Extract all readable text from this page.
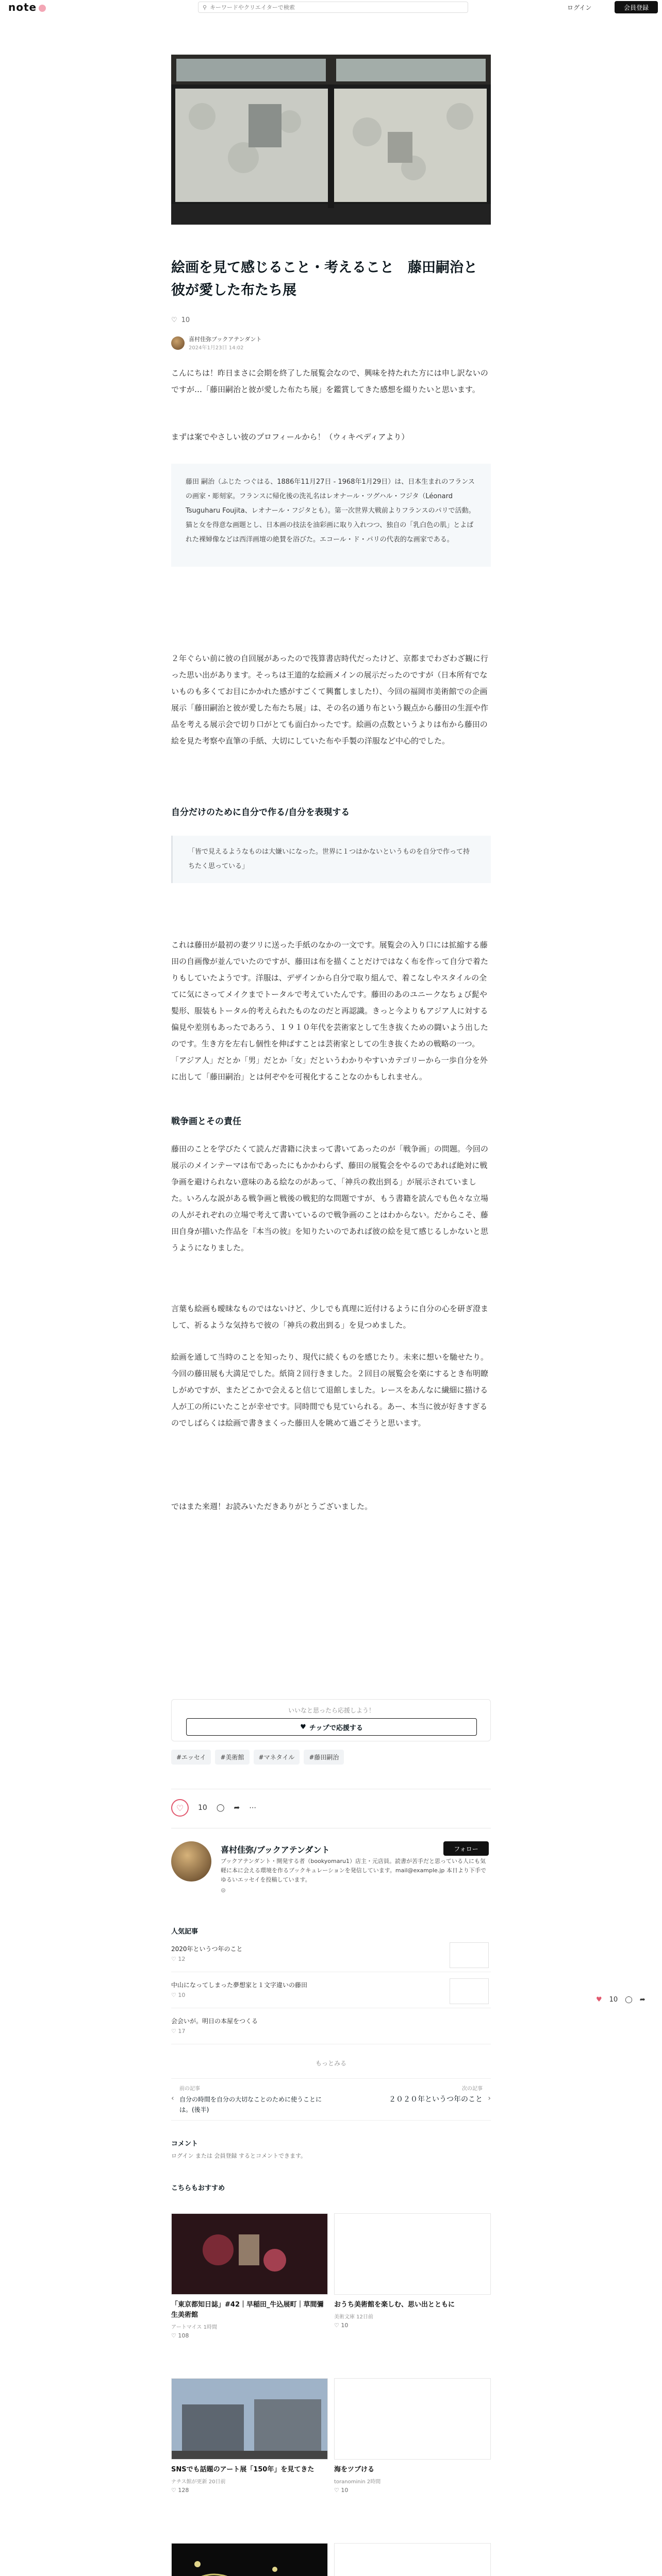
note	⚲
キーワードやクリエイターで検索	ログイン	会員登録
絵画を見て感じること・考えること　藤田嗣治と彼が愛した布たち展
♡ 10
喜村佳弥ブックアテンダント
2024年1月23日 14:02
こんにちは！昨日まさに会期を終了した展覧会なので、興味を持たれた方には申し訳ないのですが…「藤田嗣治と彼が愛した布たち展」を鑑賞してきた感想を綴りたいと思います。
まずは案でやさしい彼のプロフィールから！（ウィキペディアより）
藤田 嗣治（ふじた つぐはる、1886年11月27日 - 1968年1月29日）は、日本生まれのフランスの画家・彫刻家。フランスに帰化後の洗礼名はレオナール・ツグハル・フジタ（Léonard Tsuguharu Foujita、レオナール・フジタとも）。第一次世界大戦前よりフランスのパリで活動。猫と女を得意な画題とし、日本画の技法を油彩画に取り入れつつ、独自の「乳白色の肌」とよばれた裸婦像などは西洋画壇の絶賛を浴びた。エコール・ド・パリの代表的な画家である。
２年ぐらい前に彼の自回展があったので筏算書店時代だったけど、京都までわざわざ観に行った思い出があります。そっちは王道的な絵画メインの展示だったのですが（日本所有でないものも多くてお目にかかれた感がすごくて興奮しました!）、今回の福岡市美術館での企画展示「藤田嗣治と彼が愛した布たち展」は、その名の通り布という観点から藤田の生涯や作品を考える展示会で切り口がとても面白かったです。絵画の点数というよりは布から藤田の絵を見た考察や直筆の手紙、大切にしていた布や手製の洋服など中心的でした。
自分だけのために自分で作る/自分を表現する
「皆で見えるようなものは大嫌いになった。世界に１つはかないというものを自分で作って持ちたく思っている」
これは藤田が最初の妻ツリに送った手紙のなかの一文です。展覧会の入り口には拡縮する藤田の自画像が並んでいたのですが、藤田は布を描くことだけではなく布を作って自分で着たりもしていたようです。洋服は、デザインから自分で取り組んで、着こなしやスタイルの全てに気にさってメイクまでトータルで考えていたんです。藤田のあのユニークなちょび髭や髪形、服装もトータル的考えられたものなのだと再認識。きっと今よりもアジア人に対する偏見や差別もあったであろう、１９１０年代を芸術家として生き抜くための闘いよう出したのです。生き方を左右し個性を伸ばすことは芸術家としての生き抜くための戦略の一つ。「アジア人」だとか「男」だとか「女」だというわかりやすいカテゴリーから一歩自分を外に出して「藤田嗣治」とは何ぞやを可視化することなのかもしれません。
戦争画とその責任
藤田のことを学びたくて読んだ書籍に決まって書いてあったのが「戦争画」の問題。今回の展示のメインテーマは布であったにもかかわらず、藤田の展覧会をやるのであれば絶対に戦争画を避けられない意味のある絵なのがあって、「神兵の救出到る」が展示されていました。いろんな説がある戦争画と戦後の戦犯的な問題ですが、もう書籍を読んでも色々な立場の人がそれぞれの立場で考えて書いているので戦争画のことはわからない。だからこそ、藤田自身が描いた作品を『本当の彼』を知りたいのであれば彼の絵を見て感じるしかないと思うようになりました。
言葉も絵画も曖昧なものではないけど、少しでも真理に近付けるように自分の心を研ぎ澄まして、祈るような気持ちで彼の「神兵の救出到る」を見つめました。
絵画を通して当時のことを知ったり、現代に続くものを感じたり。未来に想いを馳せたり。今回の藤田展も大満足でした。紙筒２回行きました。２回目の展覧会を楽にするとき布明瞭しがめですが、またどこかで会えると信じて退館しました。レースをあんなに繊細に描ける人が工の所にいたことが幸せです。同時間でも見ていられる。あー、本当に彼が好きすぎるのでしばらくは絵画で書きまくった藤田人を眺めて過ごそうと思います。
ではまた来週！お読みいただきありがとうございました。
いいなと思ったら応援しよう！
♥ チップで応援する
#エッセイ	#美術館	#マネタイル	#藤田嗣治
♡ 10 ◯ ➦ ⋯
喜村佳弥/ブックアテンダント	フォロー
ブックアテンダント・開発する者（bookyomaru1）店主・元店員。読書が苦手だと思っている人にも気軽に本に会える環境を作るブックキュレーションを発信しています。mail@example.jp 本日より下手でゆるいエッセイを投稿しています。
⊜
人気記事
2020年というつ年のこと
♡ 12
中山になってしまった夢想家と１文字違いの藤田
♡ 10
会会いが。明日の本屋をつくる
♡ 17
もっとみる
‹
前の記事
自分の時間を自分の大切なことのために使うことには。(後半)
次の記事
２０２０年というつ年のこと ›
コメント
ログイン または 会員登録 するとコメントできます。
こちらもおすすめ
「東京都知日誌」#42｜早稲田_牛込展町｜草間彌生美術館
アートマイス 1時間
♡ 108
おうち美術館を楽しむ、思い出とともに
美術文庫 12日前
♡ 10
SNSでも話題のアート展「150年」を見てきた
ナチス館が更新 20日前
♡ 128
海をツブける
toranominin 2時間
♡ 10
♥ 10 ◯ ➦
